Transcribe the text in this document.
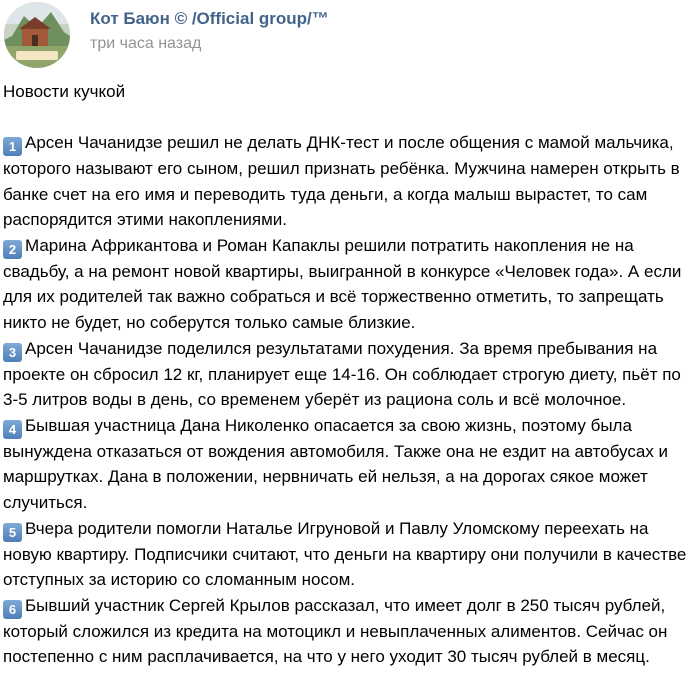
Кот Баюн © /Official group/™
три часа назад
Новости кучкой

1 Арсен Чачанидзе решил не делать ДНК-тест и после общения с мамой мальчика, которого называют его сыном, решил признать ребёнка. Мужчина намерен открыть в банке счет на его имя и переводить туда деньги, а когда малыш вырастет, то сам распорядится этими накоплениями.

2 Марина Африкантова и Роман Капаклы решили потратить накопления не на свадьбу, а на ремонт новой квартиры, выигранной в конкурсе «Человек года». А если для их родителей так важно собраться и всё торжественно отметить, то запрещать никто не будет, но соберутся только самые близкие.

3 Арсен Чачанидзе поделился результатами похудения. За время пребывания на проекте он сбросил 12 кг, планирует еще 14-16. Он соблюдает строгую диету, пьёт по 3-5 литров воды в день, со временем уберёт из рациона соль и всё молочное.

4 Бывшая участница Дана Николенко опасается за свою жизнь, поэтому была вынуждена отказаться от вождения автомобиля. Также она не ездит на автобусах и маршрутках. Дана в положении, нервничать ей нельзя, а на дорогах сякое может случиться.

5 Вчера родители помогли Наталье Игруновой и Павлу Уломскому переехать на новую квартиру. Подписчики считают, что деньги на квартиру они получили в качестве отступных за историю со сломанным носом.

6 Бывший участник Сергей Крылов рассказал, что имеет долг в 250 тысяч рублей, который сложился из кредита на мотоцикл и невыплаченных алиментов. Сейчас он постепенно с ним расплачивается, на что у него уходит 30 тысяч рублей в месяц.
